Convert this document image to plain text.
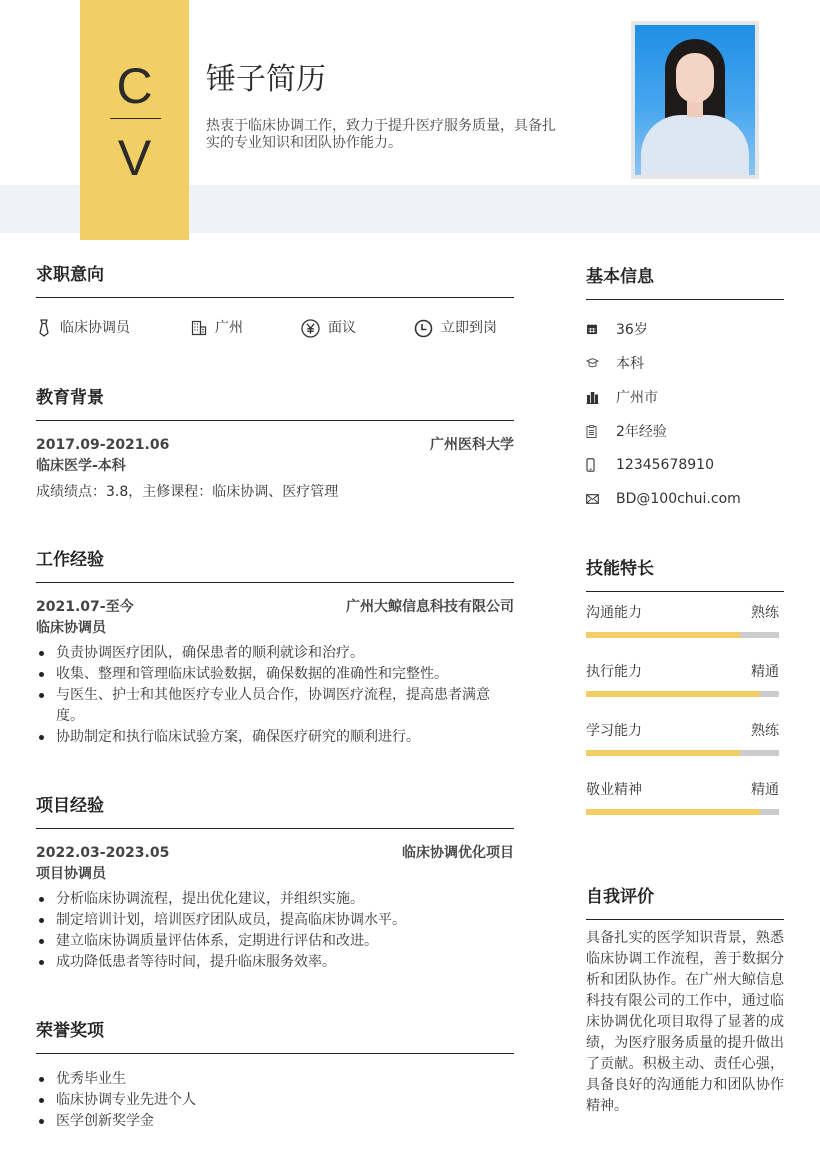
C
V
锤子简历
热衷于临床协调工作，致力于提升医疗服务质量，具备扎实的专业知识和团队协作能力。
求职意向
临床协调员	广州	面议	立即到岗
教育背景
2017.09-2021.06	广州医科大学
临床医学-本科
成绩绩点：3.8，主修课程：临床协调、医疗管理
工作经验
2021.07-至今	广州大鲸信息科技有限公司
临床协调员
负责协调医疗团队，确保患者的顺利就诊和治疗。
收集、整理和管理临床试验数据，确保数据的准确性和完整性。
与医生、护士和其他医疗专业人员合作，协调医疗流程，提高患者满意度。
协助制定和执行临床试验方案，确保医疗研究的顺利进行。
项目经验
2022.03-2023.05	临床协调优化项目
项目协调员
分析临床协调流程，提出优化建议，并组织实施。
制定培训计划，培训医疗团队成员，提高临床协调水平。
建立临床协调质量评估体系，定期进行评估和改进。
成功降低患者等待时间，提升临床服务效率。
荣誉奖项
优秀毕业生
临床协调专业先进个人
医学创新奖学金
基本信息
36岁
本科
广州市
2年经验
12345678910
BD@100chui.com
技能特长
沟通能力	熟练
执行能力	精通
学习能力	熟练
敬业精神	精通
自我评价
具备扎实的医学知识背景，熟悉临床协调工作流程，善于数据分析和团队协作。在广州大鲸信息科技有限公司的工作中，通过临床协调优化项目取得了显著的成绩，为医疗服务质量的提升做出了贡献。积极主动、责任心强，具备良好的沟通能力和团队协作精神。
